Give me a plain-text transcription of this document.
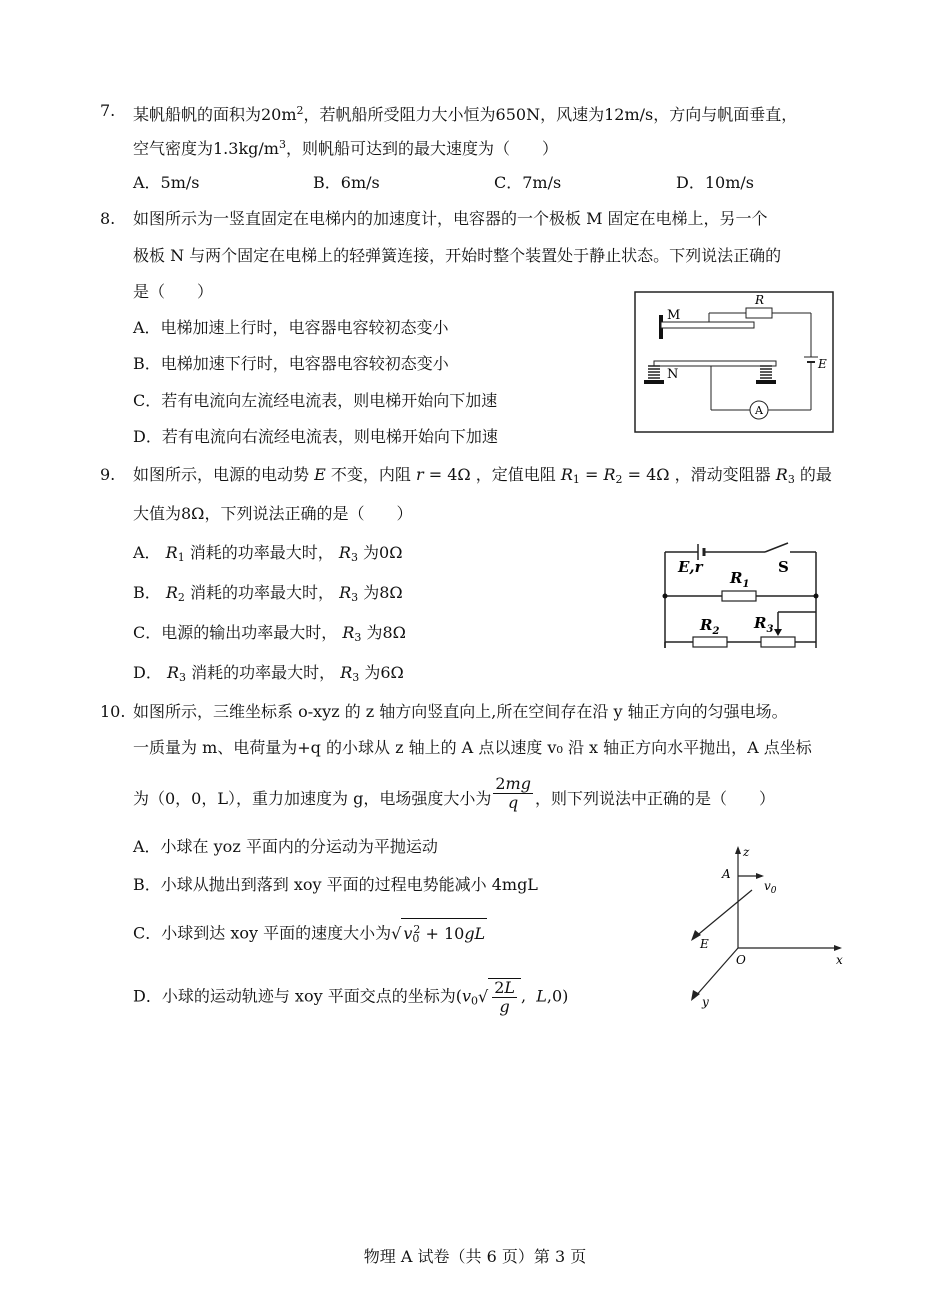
7. 某帆船帆的面积为$20m^2$，若帆船所受阻力大小恒为650N，风速为12m/s，方向与帆面垂直，
空气密度为$1.3kg/m^3$，则帆船可达到的最大速度为（　　）
A．5m/s	B．6m/s	C．7m/s	D．10m/s
8. 如图所示为一竖直固定在电梯内的加速度计，电容器的一个极板 M 固定在电梯上，另一个
极板 N 与两个固定在电梯上的轻弹簧连接，开始时整个装置处于静止状态。下列说法正确的
是（　　）
A．电梯加速上行时，电容器电容较初态变小
B．电梯加速下行时，电容器电容较初态变小
C．若有电流向左流经电流表，则电梯开始向下加速
D．若有电流向右流经电流表，则电梯开始向下加速
M
R
E
N
A
9. 如图所示，电源的电动势 E 不变，内阻 r = 4Ω ，定值电阻 $R_1 = R_2 = 4\Omega$ ，滑动变阻器 $R_3$ 的最
大值为8Ω，下列说法正确的是（　　）
A． $R_1$ 消耗的功率最大时， $R_3$ 为0Ω
B． $R_2$ 消耗的功率最大时， $R_3$ 为8Ω
C．电源的输出功率最大时， $R_3$ 为8Ω
D． $R_3$ 消耗的功率最大时， $R_3$ 为6Ω
E,r	S
$R_1$
$R_2$ $R_3$
10. 如图所示，三维坐标系 o-xyz 的 z 轴方向竖直向上,所在空间存在沿 y 轴正方向的匀强电场。
一质量为 m、电荷量为+q 的小球从 z 轴上的 A 点以速度 v₀ 沿 x 轴正方向水平抛出，A 点坐标
为（0，0，L），重力加速度为 g，电场强度大小为 $\frac{2mg}{q}$ ，则下列说法中正确的是（　　）
A．小球在 yoz 平面内的分运动为平抛运动
B．小球从抛出到落到 xoy 平面的过程电势能减小 4mgL
C．小球到达 xoy 平面的速度大小为√ $v_0^2 + 10gL$
D．小球的运动轨迹与 xoy 平面交点的坐标为($v_0√ \frac{2L}{g}$ ,  L,0)
z
x
y
O
A
$v_0$
E
物理 A 试卷（共 6 页）第 3 页
